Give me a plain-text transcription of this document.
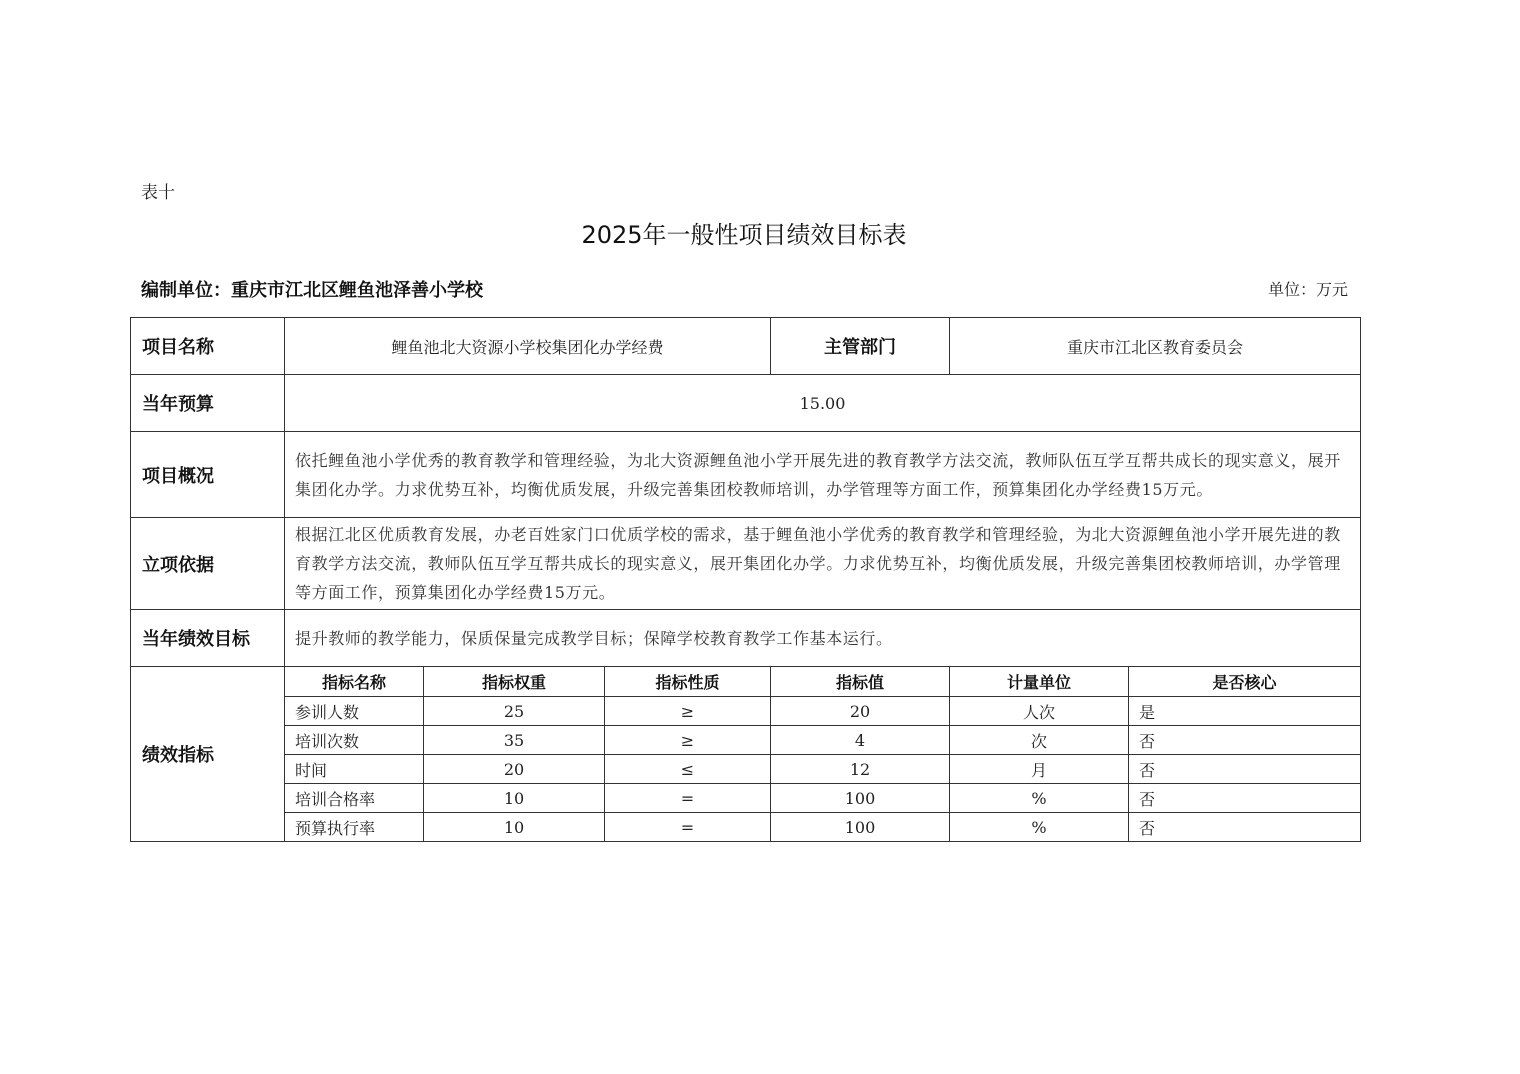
表十
2025年一般性项目绩效目标表
编制单位：重庆市江北区鲤鱼池泽善小学校	单位：万元
项目名称	鲤鱼池北大资源小学校集团化办学经费			主管部门	重庆市江北区教育委员会	
当年预算	15.00					
项目概况	依托鲤鱼池小学优秀的教育教学和管理经验，为北大资源鲤鱼池小学开展先进的教育教学方法交流，教师队伍互学互帮共成长的现实意义，展开集团化办学。力求优势互补，均衡优质发展，升级完善集团校教师培训，办学管理等方面工作，预算集团化办学经费15万元。					
立项依据	根据江北区优质教育发展，办老百姓家门口优质学校的需求，基于鲤鱼池小学优秀的教育教学和管理经验，为北大资源鲤鱼池小学开展先进的教育教学方法交流，教师队伍互学互帮共成长的现实意义，展开集团化办学。力求优势互补，均衡优质发展，升级完善集团校教师培训，办学管理等方面工作，预算集团化办学经费15万元。					
当年绩效目标	提升教师的教学能力，保质保量完成教学目标；保障学校教育教学工作基本运行。					
绩效指标	指标名称	指标权重	指标性质	指标值	计量单位	是否核心
	参训人数	25	≥	20	人次	是
	培训次数	35	≥	4	次	否
	时间	20	≤	12	月	否
	培训合格率	10	=	100	%	否
	预算执行率	10	=	100	%	否
